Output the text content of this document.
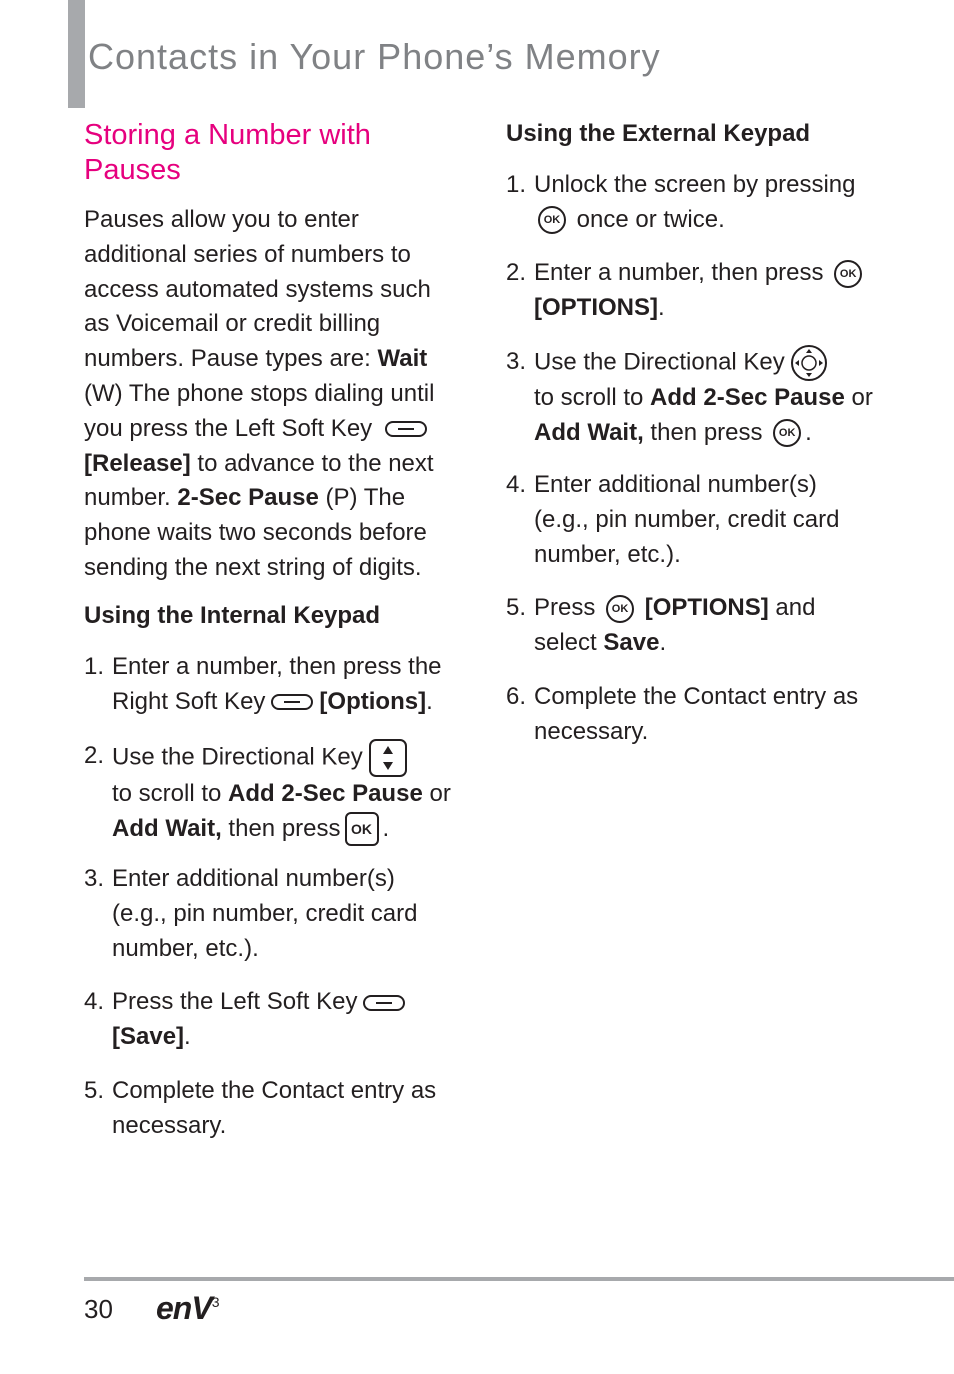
Contacts in Your Phone’s Memory
Storing a Number with Pauses

Pauses allow you to enter additional series of numbers to access automated systems such as Voicemail or credit billing numbers. Pause types are: Wait (W) The phone stops dialing until you press the Left Soft Key [Release] to advance to the next number. 2-Sec Pause (P) The phone waits two seconds before sending the next string of digits.

Using the Internal Keypad

1. Enter a number, then press the
Right Soft Key [Options].
2. Use the Directional Key
to scroll to Add 2-Sec Pause or
Add Wait, then press OK .
3. Enter additional number(s)
(e.g., pin number, credit card
number, etc.).
4. Press the Left Soft Key
[Save].
5. Complete the Contact entry as
necessary.

Using the External Keypad

1. Unlock the screen by pressing
OK once or twice.
2. Enter a number, then press OK
[OPTIONS].
3. Use the Directional Key
to scroll to Add 2-Sec Pause or
Add Wait, then press OK .
4. Enter additional number(s)
(e.g., pin number, credit card
number, etc.).
5. Press OK [OPTIONS] and
select Save.
6. Complete the Contact entry as
necessary.
30 enV$^3$
